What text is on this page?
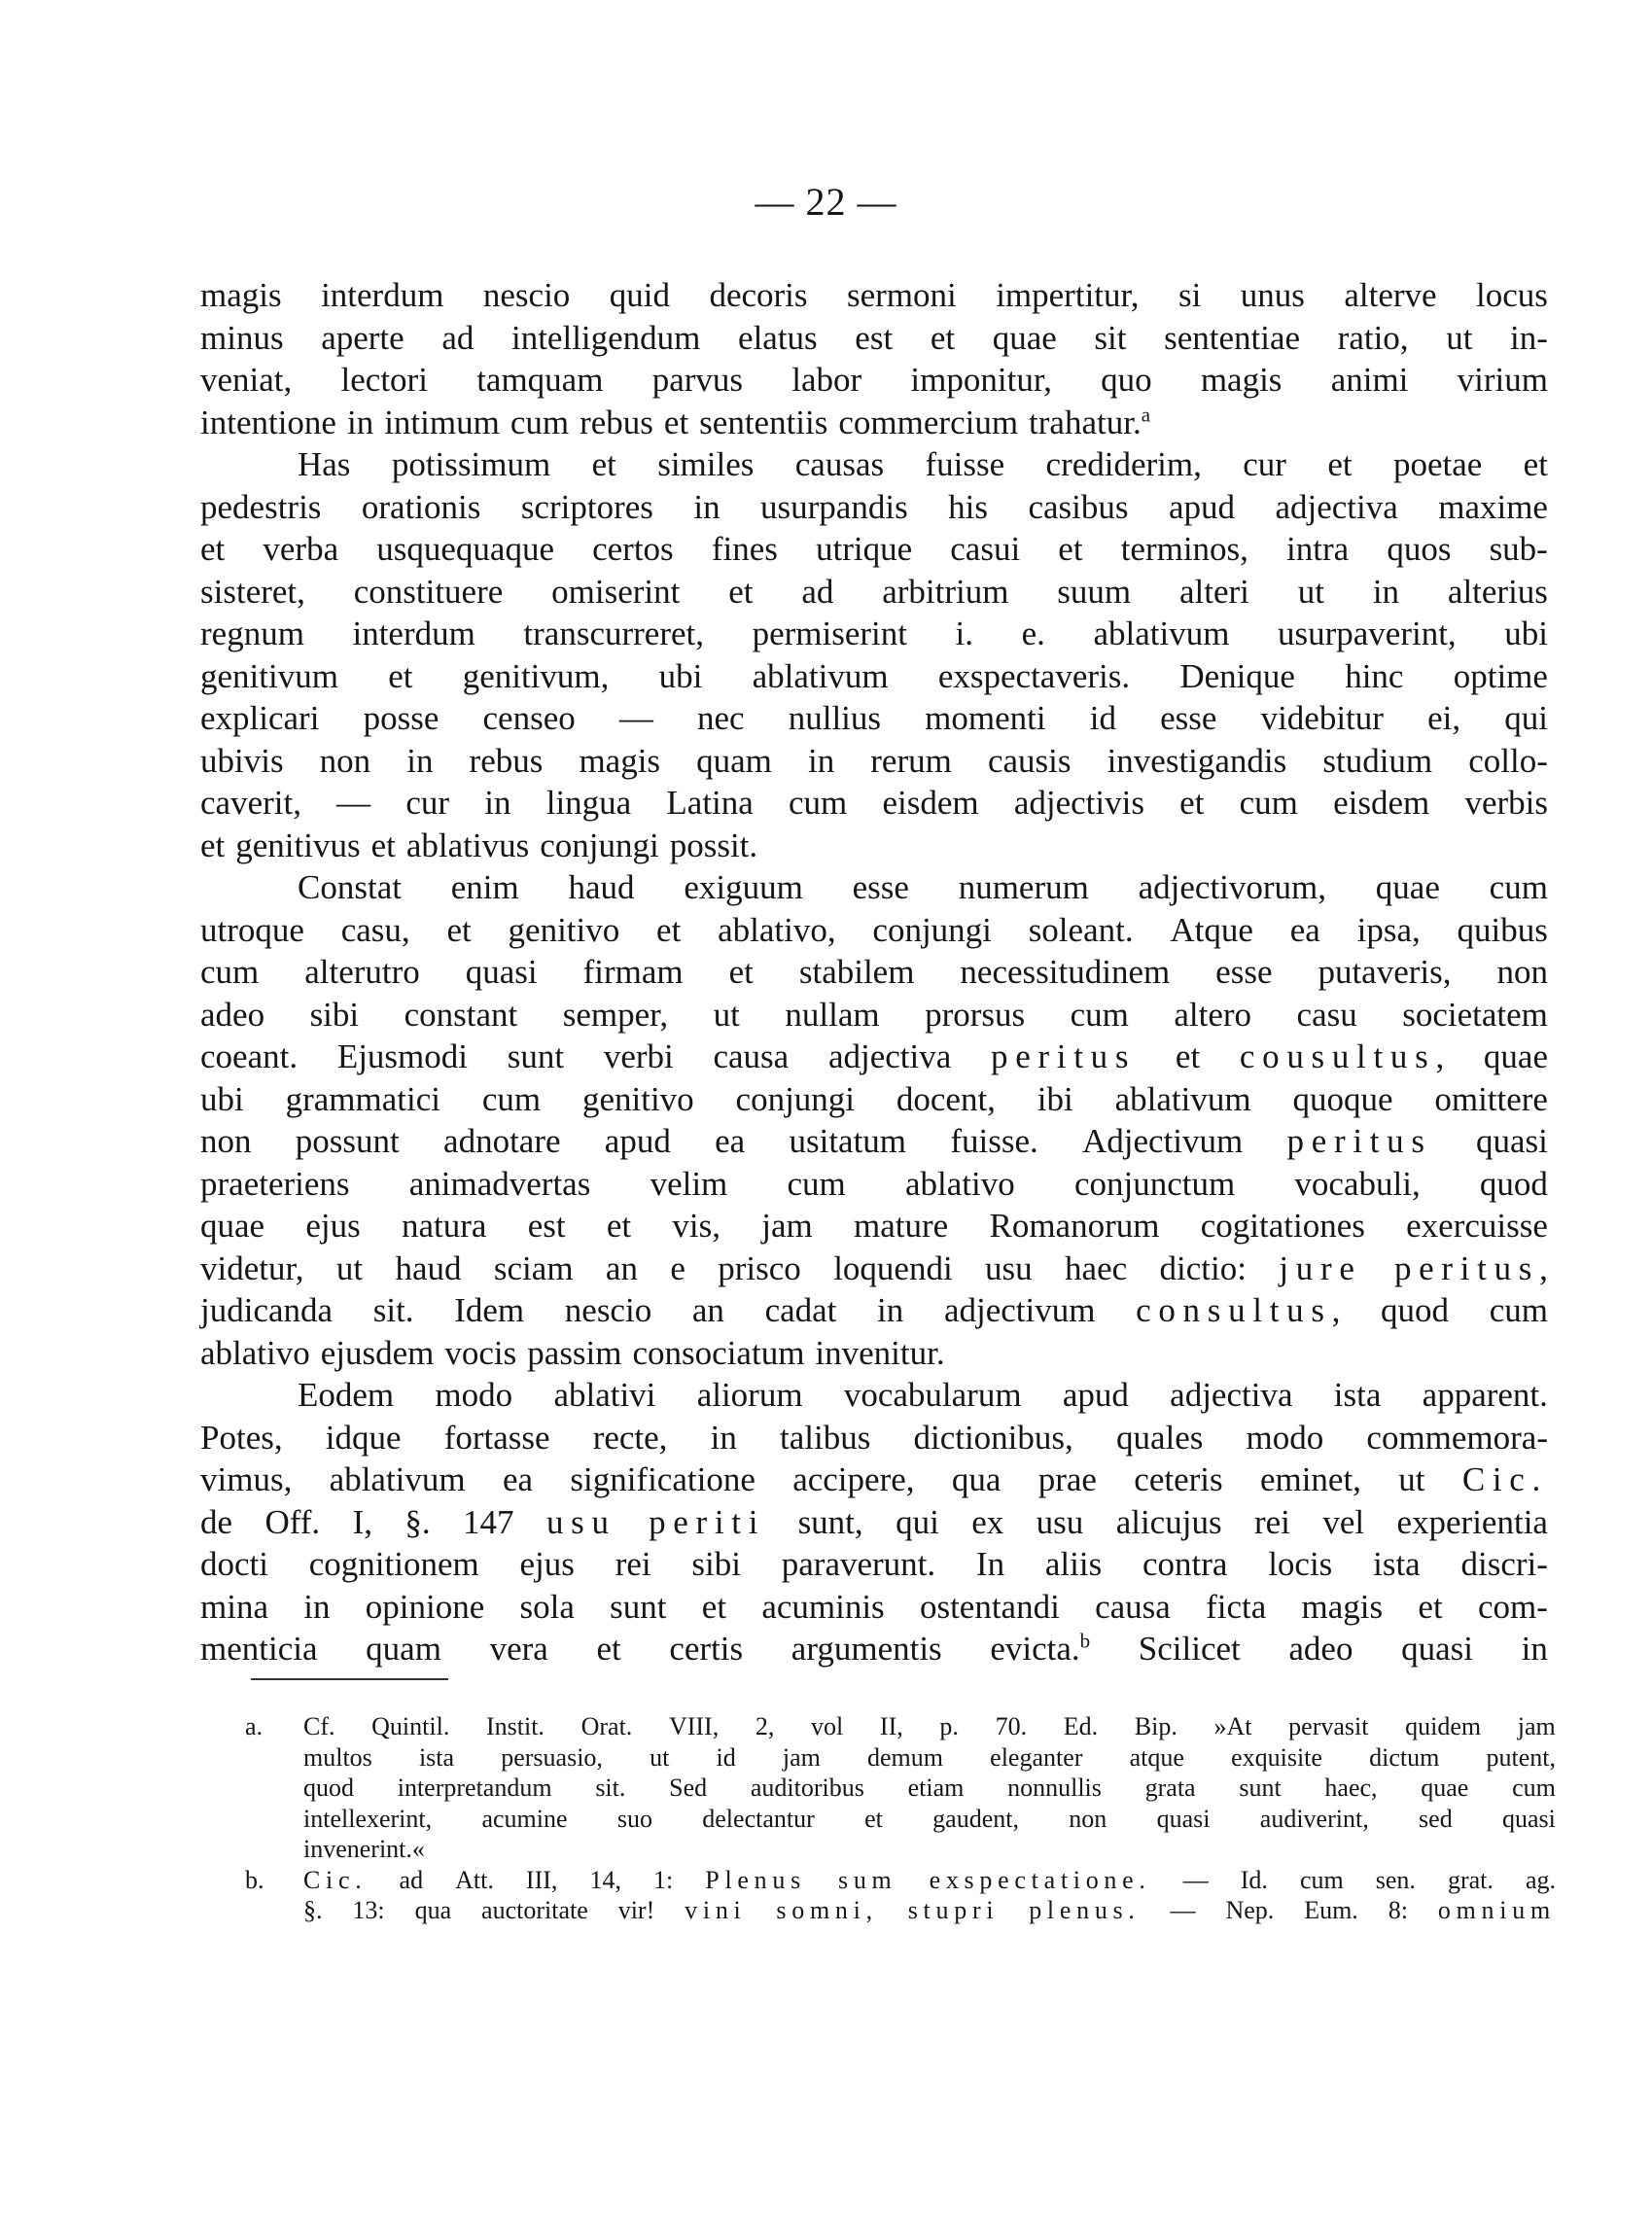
— 22 —
magis interdum nescio quid decoris sermoni impertitur, si unus alterve locus
minus aperte ad intelligendum elatus est et quae sit sententiae ratio, ut in-
veniat, lectori tamquam parvus labor imponitur, quo magis animi virium
intentione in intimum cum rebus et sententiis commercium trahatur.$^a$
Has potissimum et similes causas fuisse crediderim, cur et poetae et
pedestris orationis scriptores in usurpandis his casibus apud adjectiva maxime
et verba usquequaque certos fines utrique casui et terminos, intra quos sub-
sisteret, constituere omiserint et ad arbitrium suum alteri ut in alterius
regnum interdum transcurreret, permiserint i. e. ablativum usurpaverint, ubi
genitivum et genitivum, ubi ablativum exspectaveris. Denique hinc optime
explicari posse censeo — nec nullius momenti id esse videbitur ei, qui
ubivis non in rebus magis quam in rerum causis investigandis studium collo-
caverit, — cur in lingua Latina cum eisdem adjectivis et cum eisdem verbis
et genitivus et ablativus conjungi possit.
Constat enim haud exiguum esse numerum adjectivorum, quae cum
utroque casu, et genitivo et ablativo, conjungi soleant. Atque ea ipsa, quibus
cum alterutro quasi firmam et stabilem necessitudinem esse putaveris, non
adeo sibi constant semper, ut nullam prorsus cum altero casu societatem
coeant. Ejusmodi sunt verbi causa adjectiva peritus et cousultus, quae
ubi grammatici cum genitivo conjungi docent, ibi ablativum quoque omittere
non possunt adnotare apud ea usitatum fuisse. Adjectivum peritus quasi
praeteriens animadvertas velim cum ablativo conjunctum vocabuli, quod
quae ejus natura est et vis, jam mature Romanorum cogitationes exercuisse
videtur, ut haud sciam an e prisco loquendi usu haec dictio: jure peritus,
judicanda sit. Idem nescio an cadat in adjectivum consultus, quod cum
ablativo ejusdem vocis passim consociatum invenitur.
Eodem modo ablativi aliorum vocabularum apud adjectiva ista apparent.
Potes, idque fortasse recte, in talibus dictionibus, quales modo commemora-
vimus, ablativum ea significatione accipere, qua prae ceteris eminet, ut Cic.
de Off. I, §. 147 usu periti sunt, qui ex usu alicujus rei vel experientia
docti cognitionem ejus rei sibi paraverunt. In aliis contra locis ista discri-
mina in opinione sola sunt et acuminis ostentandi causa ficta magis et com-
menticia quam vera et certis argumentis evicta.$^b$ Scilicet adeo quasi in
a. Cf. Quintil. Instit. Orat. VIII, 2, vol II, p. 70. Ed. Bip. »At pervasit quidem jam
multos ista persuasio, ut id jam demum eleganter atque exquisite dictum putent,
quod interpretandum sit. Sed auditoribus etiam nonnullis grata sunt haec, quae cum
intellexerint, acumine suo delectantur et gaudent, non quasi audiverint, sed quasi
invenerint.«
b. Cic. ad Att. III, 14, 1: Plenus sum exspectatione. — Id. cum sen. grat. ag.
§. 13: qua auctoritate vir! vini somni, stupri plenus. — Nep. Eum. 8: omnium
